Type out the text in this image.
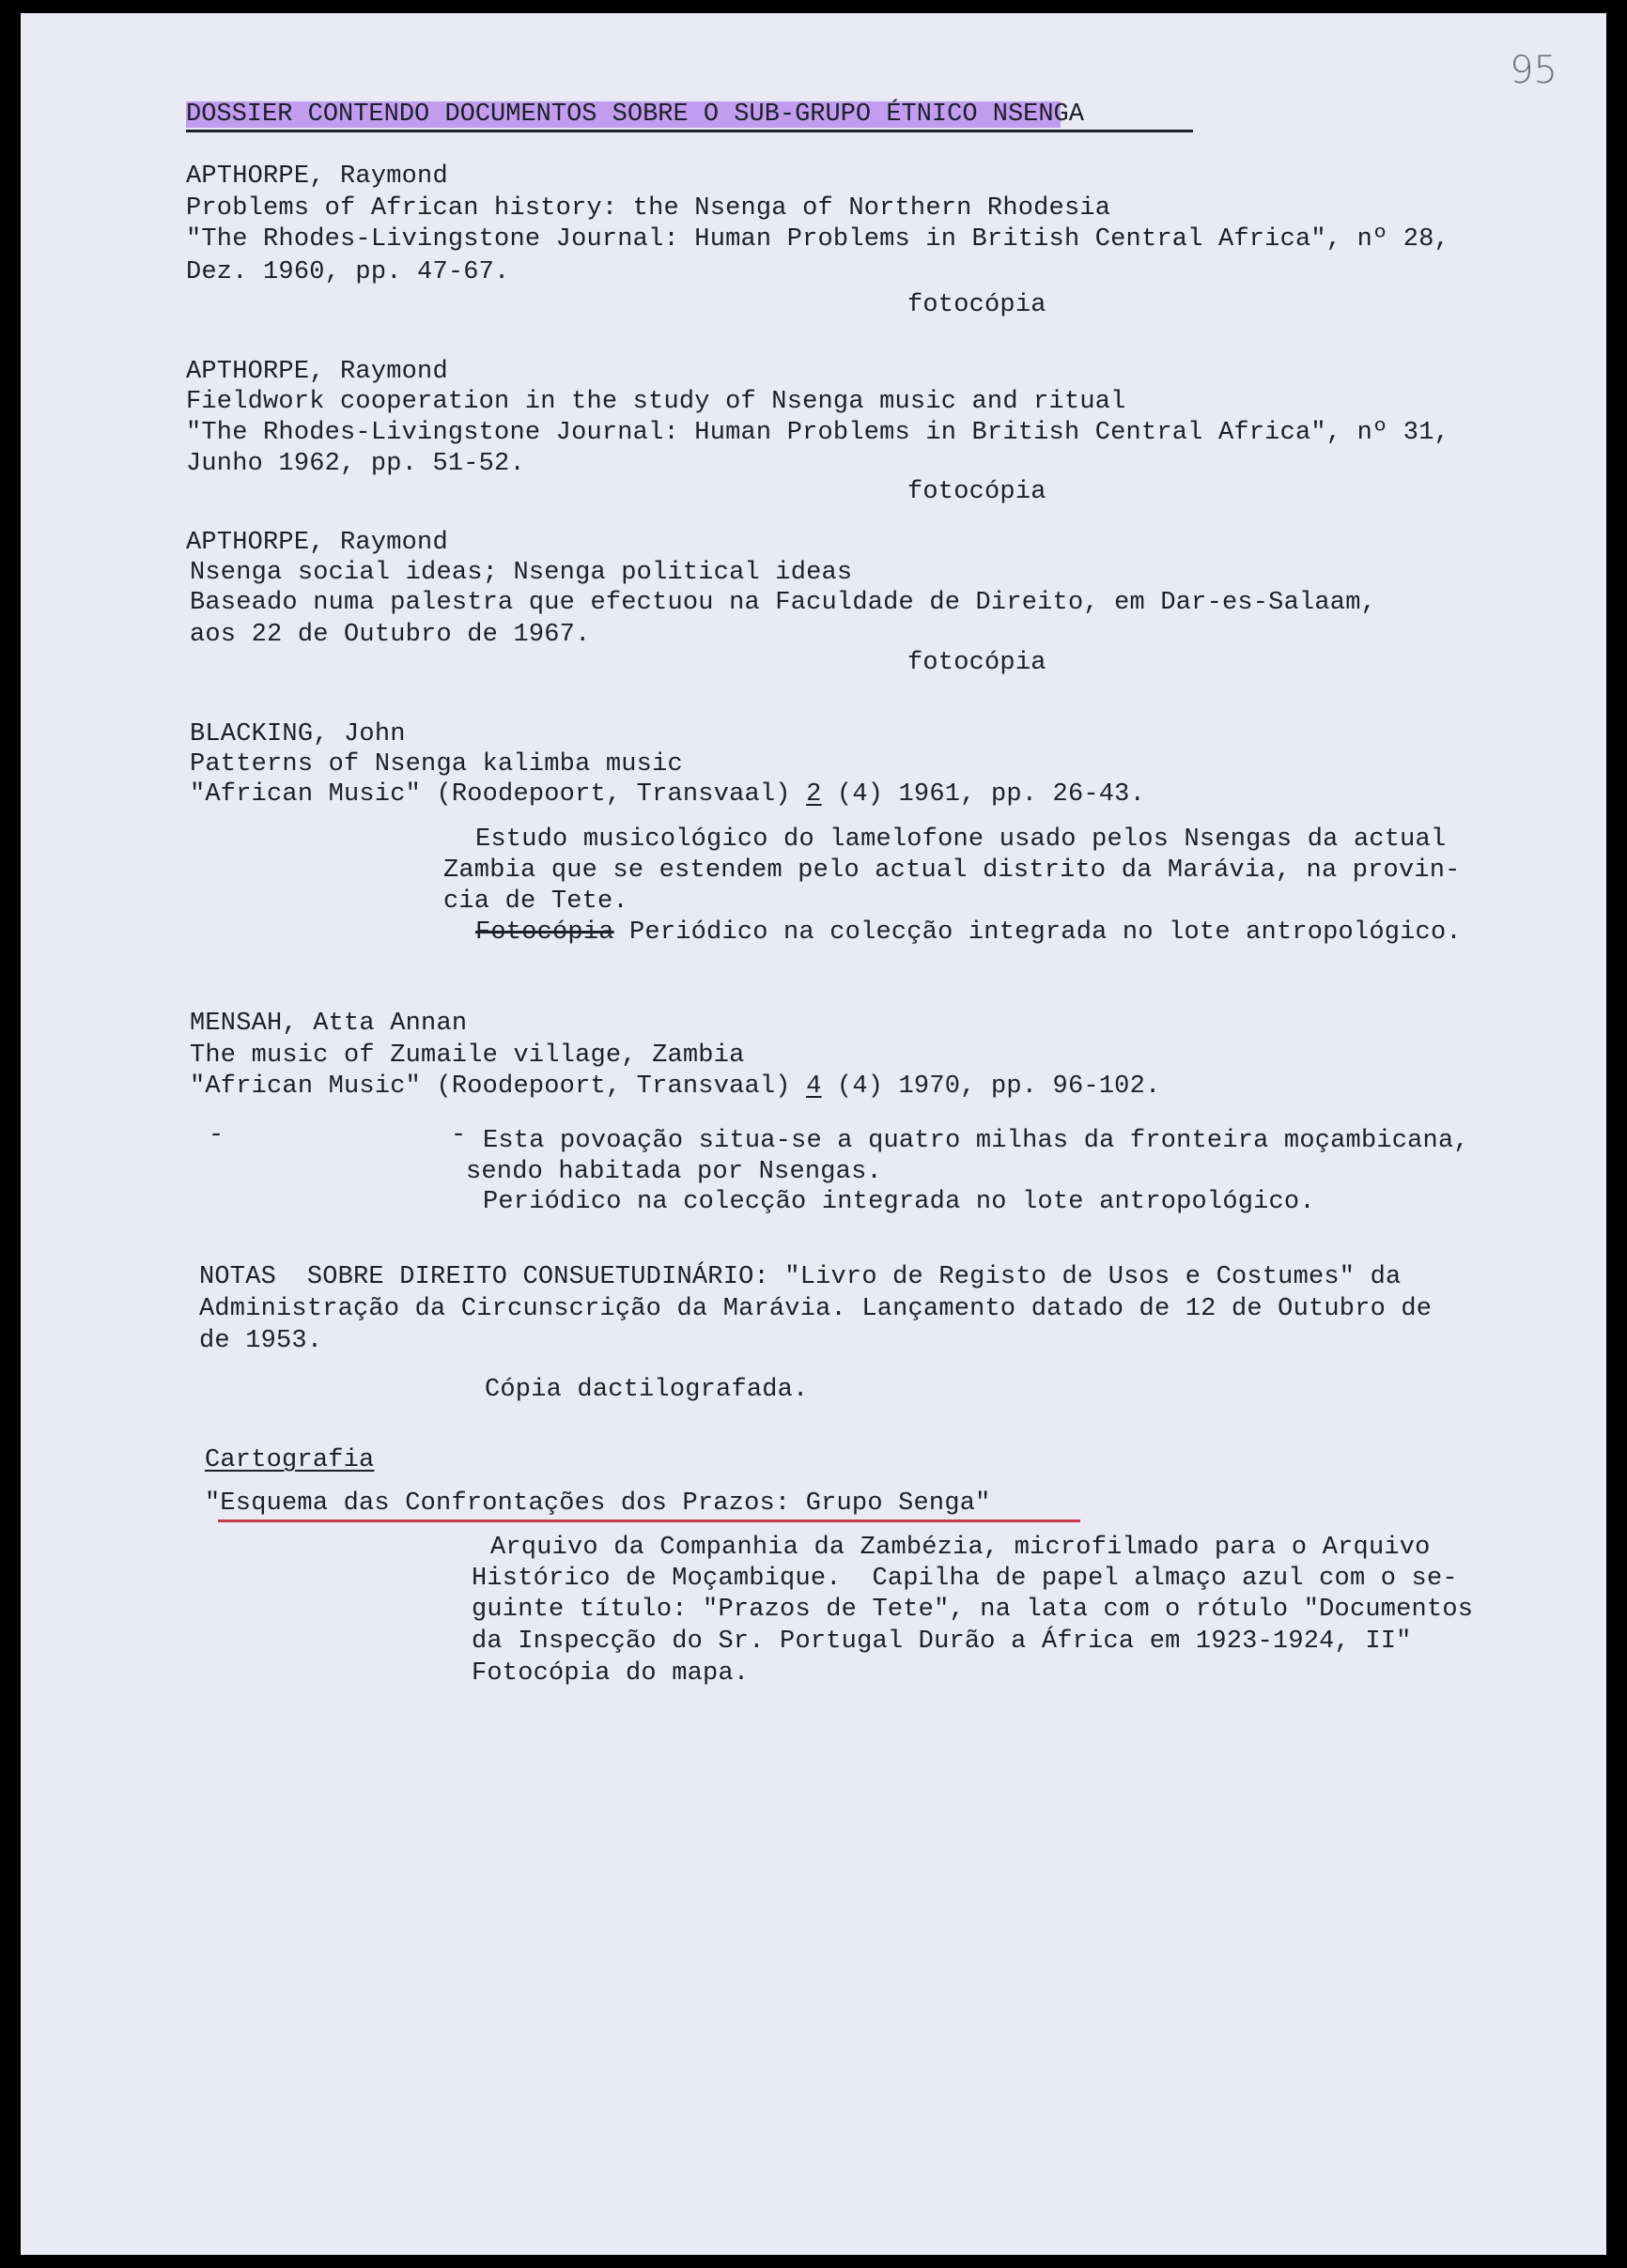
95
DOSSIER CONTENDO DOCUMENTOS SOBRE O SUB-GRUPO ÉTNICO NSENGA
APTHORPE, Raymond
Problems of African history: the Nsenga of Northern Rhodesia
"The Rhodes-Livingstone Journal: Human Problems in British Central Africa", nº 28,
Dez. 1960, pp. 47-67.
fotocópia
APTHORPE, Raymond
Fieldwork cooperation in the study of Nsenga music and ritual
"The Rhodes-Livingstone Journal: Human Problems in British Central Africa", nº 31,
Junho 1962, pp. 51-52.
fotocópia
APTHORPE, Raymond
Nsenga social ideas; Nsenga political ideas
Baseado numa palestra que efectuou na Faculdade de Direito, em Dar-es-Salaam,
aos 22 de Outubro de 1967.
fotocópia
BLACKING, John
Patterns of Nsenga kalimba music
"African Music" (Roodepoort, Transvaal) 2 (4) 1961, pp. 26-43.
Estudo musicológico do lamelofone usado pelos Nsengas da actual
Zambia que se estendem pelo actual distrito da Marávia, na provin-
cia de Tete.
Fotocópia Periódico na colecção integrada no lote antropológico.
MENSAH, Atta Annan
The music of Zumaile village, Zambia
"African Music" (Roodepoort, Transvaal) 4 (4) 1970, pp. 96-102.
-	- Esta povoação situa-se a quatro milhas da fronteira moçambicana,
sendo habitada por Nsengas.
Periódico na colecção integrada no lote antropológico.
NOTAS  SOBRE DIREITO CONSUETUDINÁRIO: "Livro de Registo de Usos e Costumes" da
Administração da Circunscrição da Marávia. Lançamento datado de 12 de Outubro de
de 1953.
Cópia dactilografada.
Cartografia
"Esquema das Confrontações dos Prazos: Grupo Senga"
Arquivo da Companhia da Zambézia, microfilmado para o Arquivo
Histórico de Moçambique.  Capilha de papel almaço azul com o se-
guinte título: "Prazos de Tete", na lata com o rótulo "Documentos
da Inspecção do Sr. Portugal Durão a África em 1923-1924, II"
Fotocópia do mapa.
